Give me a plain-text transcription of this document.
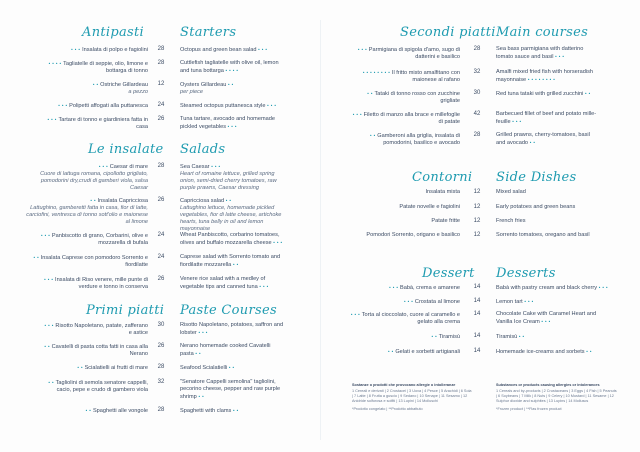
Antipasti	Starters
• • • Insalata di polpo e fagiolini
• • • • Tagliatelle di seppie, olio, limone e bottarga di tonno
• • Ostriche Gillardeau
a pezzo
• • • Polipetti affogati alla puttanesca
• • • Tartare di tonno e giardiniera fatta in casa
Octopus and green bean salad • • •
28
Cuttlefish tagliatelle with olive oil, lemon and tuna bottarga • • • •
28
Oysters Gillardeau • •
per piece
12
Steamed octopus puttanesca style • • •
24
Tuna tartare, avocado and homemade pickled vegetables • • •
26
Le insalate Salads
• • • Caesar di mare
Cuore di lattuga romana, cipollotto grigliato, pomodorini dry,crudi di gamberi viola, salsa Caesar
• • Insalata Capricciosa
Lattughino, gamberetti fatta in casa, fior di latte, carciofini, ventresca di tonno sott'olio e maionese al limone
• • • Panbiscotto di grano, Corbarini, olive e mozzarella di bufala
• • Insalata Caprese con pomodoro Sorrento e fiordilatte
• • • Insalata di Riso venere, mille punte di verdure e tonno in conserva
Sea Caesar • • •
Heart of romaine lettuce, grilled spring onion, semi-dried cherry tomatoes, raw purple prawns, Caesar dressing
28
Capricciosa salad • •
Lattughino lettuce, homemade pickled vegetables, fior di latte cheese, artichoke hearts, tuna belly in oil and lemon mayonnaise
26
Wheat Panbiscotto, corbarino tomatoes, olives and buffalo mozzarella cheese • • •
24
Caprese salad with Sorrento tomato and fiordilatte mozzarella • •
24
Venere rice salad with a medley of vegetable tips and canned tuna • • •
26
Primi piatti Paste Courses
• • • Risotto Napoletano, patate, zafferano e astice
• • Cavatelli di pasta cotta fatti in casa alla Nerano
• • Scialatielli ai frutti di mare
• • Tagliolini di semola senatore cappelli, cacio, pepe e crudo di gambero viola
• • Spaghetti alle vongole
Risotto Napoletano, potatoes, saffron and lobster • • •
30
Nerano homemade cooked Cavatelli pasta • •
26
Seafood Scialatielli • •
28
"Senatore Cappelli semolina" tagliolini, pecorino cheese, pepper and raw purple shrimp • •
32
Spaghetti with clams • •
28
Secondi piatti Main courses
• • • Parmigiana di spigola d'amo, sugo di datterini e basilico
• • • • • • • • Il fritto misto amalfitano con maionese al rafano
• • Tataki di tonno rosso con zucchine grigliate
• • • Filetto di manzo alla brace e millefoglie di patate
• • Gamberoni alla griglia, insalata di pomodorini, basilico e avocado
Sea bass parmigiana with datterino tomato sauce and basil • • •
28
Amalfi mixed fried fish with horseradish mayonnaise • • • • • • • •
32
Red tuna tataki with grilled zucchini • •
30
Barbecued fillet of beef and potato mille-feuille • • •
42
Grilled prawns, cherry-tomatoes, basil and avocado • •
28
Contorni Side Dishes
Insalata mista
Patate novelle e fagiolini
Patate fritte
Pomodori Sorrento, origano e basilico
Mixed salad
12
Early potatoes and green beans
12
French fries
12
Sorrento tomatoes, oregano and basil
12
Dessert Desserts
• • • Babà, crema e amarene
• • • Crostata al limone
• • • Torta al cioccolato, cuore al caramello e gelato alla crema
• • Tiramisù
• • Gelati e sorbetti artigianali
Babà with pastry cream and black cherry • • •
14
Lemon tart • • •
14
Chocolate Cake with Caramel Heart and Vanilla Ice Cream • • •
14
Tiramisù • •
14
Homemade ice-creams and sorbets • •
14
Sostanze o prodotti che provocano allergie o intolleranze
1 Cereali e derivati | 2 Crostacei | 3 Uova | 4 Pesce | 5 Arachidi | 6 Soia | 7 Latte | 8 Frutta a guscio | 9 Sedano | 10 Senape | 11 Sesamo | 12 Anidride solforosa e solfiti | 13 Lupini | 14 Molluschi
*Prodotto congelato | **Prodotto abbattuto
Substances or products causing allergies or intolerances
1 Cereals and by-products | 2 Crustaceans | 3 Eggs | 4 Fish | 5 Peanuts | 6 Soybeans | 7 Milk | 8 Nuts | 9 Celery | 10 Mustard | 11 Sesame | 12 Sulphur dioxide and sulphites | 13 Lupins | 14 Molluscs
*Frozen product | **Flas frozen product
